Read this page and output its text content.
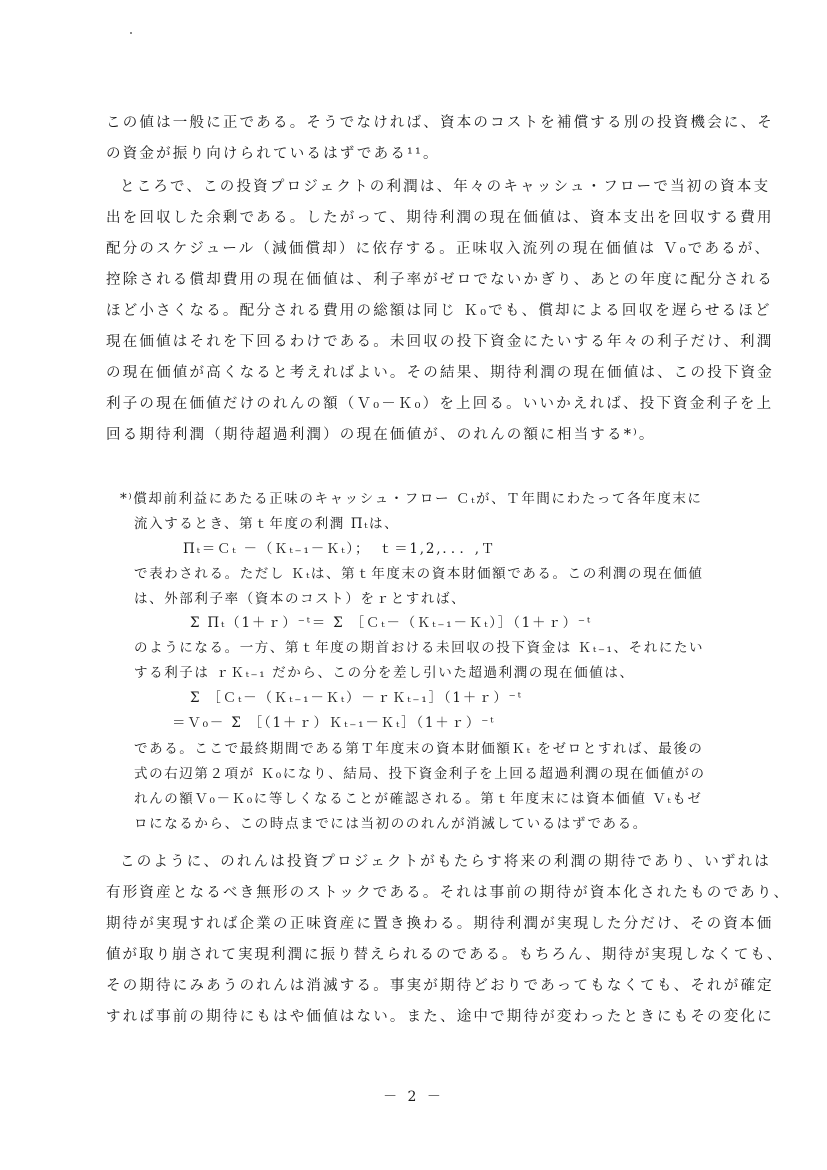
この値は一般に正である。そうでなければ、資本のコストを補償する別の投資機会に、そ
の資金が振り向けられているはずである¹¹。
ところで、この投資プロジェクトの利潤は、年々のキャッシュ・フローで当初の資本支
出を回収した余剰である。したがって、期待利潤の現在価値は、資本支出を回収する費用
配分のスケジュール（減価償却）に依存する。正味収入流列の現在価値は Ｖ₀であるが、
控除される償却費用の現在価値は、利子率がゼロでないかぎり、あとの年度に配分される
ほど小さくなる。配分される費用の総額は同じ Ｋ₀でも、償却による回収を遅らせるほど
現在価値はそれを下回るわけである。未回収の投下資金にたいする年々の利子だけ、利潤
の現在価値が高くなると考えればよい。その結果、期待利潤の現在価値は、この投下資金
利子の現在価値だけのれんの額（Ｖ₀－Ｋ₀）を上回る。いいかえれば、投下資金利子を上
回る期待利潤（期待超過利潤）の現在価値が、のれんの額に相当する*⁾。
*⁾償却前利益にあたる正味のキャッシュ・フロー Ｃₜが、Ｔ年間にわたって各年度末に
流入するとき、第ｔ年度の利潤 Πₜは、
Πₜ＝Ｃₜ －（Ｋₜ₋₁－Ｋₜ）；　ｔ＝1,2,．．．,Ｔ
で表わされる。ただし Ｋₜは、第ｔ年度末の資本財価額である。この利潤の現在価値
は、外部利子率（資本のコスト）をｒとすれば、
Σ Πₜ（1＋ｒ）⁻ᵗ＝ Σ ［Ｃₜ－（Ｋₜ₋₁－Ｋₜ）］（1＋ｒ）⁻ᵗ
のようになる。一方、第ｔ年度の期首おける未回収の投下資金は Ｋₜ₋₁、それにたい
する利子は ｒＫₜ₋₁ だから、この分を差し引いた超過利潤の現在価値は、
Σ ［Ｃₜ－（Ｋₜ₋₁－Ｋₜ）－ｒＫₜ₋₁］（1＋ｒ）⁻ᵗ
＝Ｖ₀－ Σ ［（1＋ｒ）Ｋₜ₋₁－Ｋₜ］（1＋ｒ）⁻ᵗ
である。ここで最終期間である第Ｔ年度末の資本財価額Ｋₜ をゼロとすれば、最後の
式の右辺第２項が Ｋ₀になり、結局、投下資金利子を上回る超過利潤の現在価値がの
れんの額Ｖ₀－Ｋ₀に等しくなることが確認される。第ｔ年度末には資本価値 Ｖₜもゼ
ロになるから、この時点までには当初ののれんが消滅しているはずである。
このように、のれんは投資プロジェクトがもたらす将来の利潤の期待であり、いずれは
有形資産となるべき無形のストックである。それは事前の期待が資本化されたものであり、
期待が実現すれば企業の正味資産に置き換わる。期待利潤が実現した分だけ、その資本価
値が取り崩されて実現利潤に振り替えられるのである。もちろん、期待が実現しなくても、
その期待にみあうのれんは消滅する。事実が期待どおりであってもなくても、それが確定
すれば事前の期待にもはや価値はない。また、途中で期待が変わったときにもその変化に
－ 2 －
